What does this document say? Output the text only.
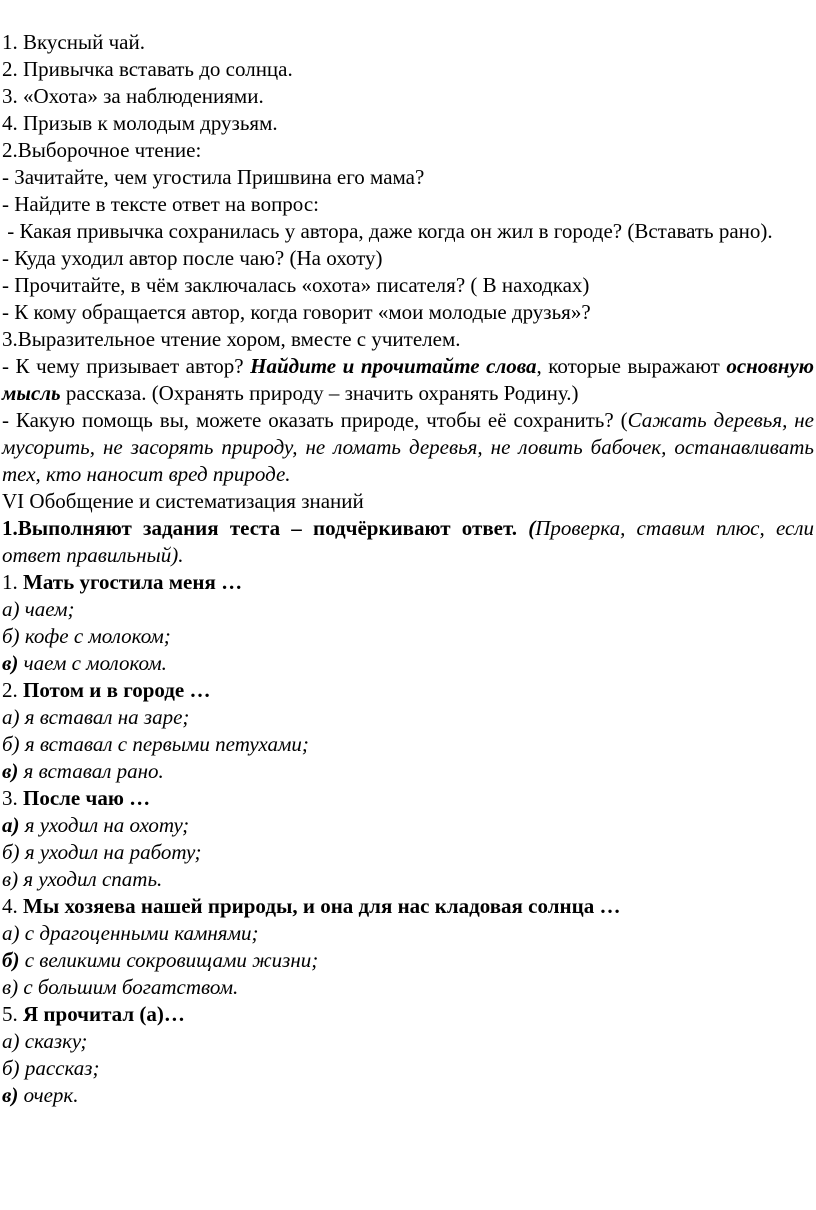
1. Вкусный чай.
2. Привычка вставать до солнца.
3. «Охота» за наблюдениями.
4. Призыв к молодым друзьям.
2.Выборочное чтение:
- Зачитайте, чем угостила Пришвина его мама?
- Найдите в тексте ответ на вопрос:
- Какая привычка сохранилась у автора, даже когда он жил в городе? (Вставать рано).
- Куда уходил автор после чаю? (На охоту)
- Прочитайте, в чём заключалась «охота» писателя? ( В находках)
- К кому обращается автор, когда говорит «мои молодые друзья»?
3.Выразительное чтение хором, вместе с учителем.
- К чему призывает автор? Найдите и прочитайте слова, которые выражают основную мысль рассказа. (Охранять природу – значить охранять Родину.)
- Какую помощь вы, можете оказать природе, чтобы её сохранить? (Сажать деревья, не мусорить, не засорять природу, не ломать деревья, не ловить бабочек, останавливать тех, кто наносит вред природе.
VI Обобщение и систематизация знаний
1.Выполняют задания теста – подчёркивают ответ. (Проверка, ставим плюс, если ответ правильный).
1. Мать угостила меня …
а) чаем;
б) кофе с молоком;
в) чаем с молоком.
2. Потом и в городе …
а) я вставал на заре;
б) я вставал с первыми петухами;
в) я вставал рано.
3. После чаю …
а) я уходил на охоту;
б) я уходил на работу;
в) я уходил спать.
4. Мы хозяева нашей природы, и она для нас кладовая солнца …
а) с драгоценными камнями;
б) с великими сокровищами жизни;
в) с большим богатством.
5. Я прочитал (а)…
а) сказку;
б) рассказ;
в) очерк.
